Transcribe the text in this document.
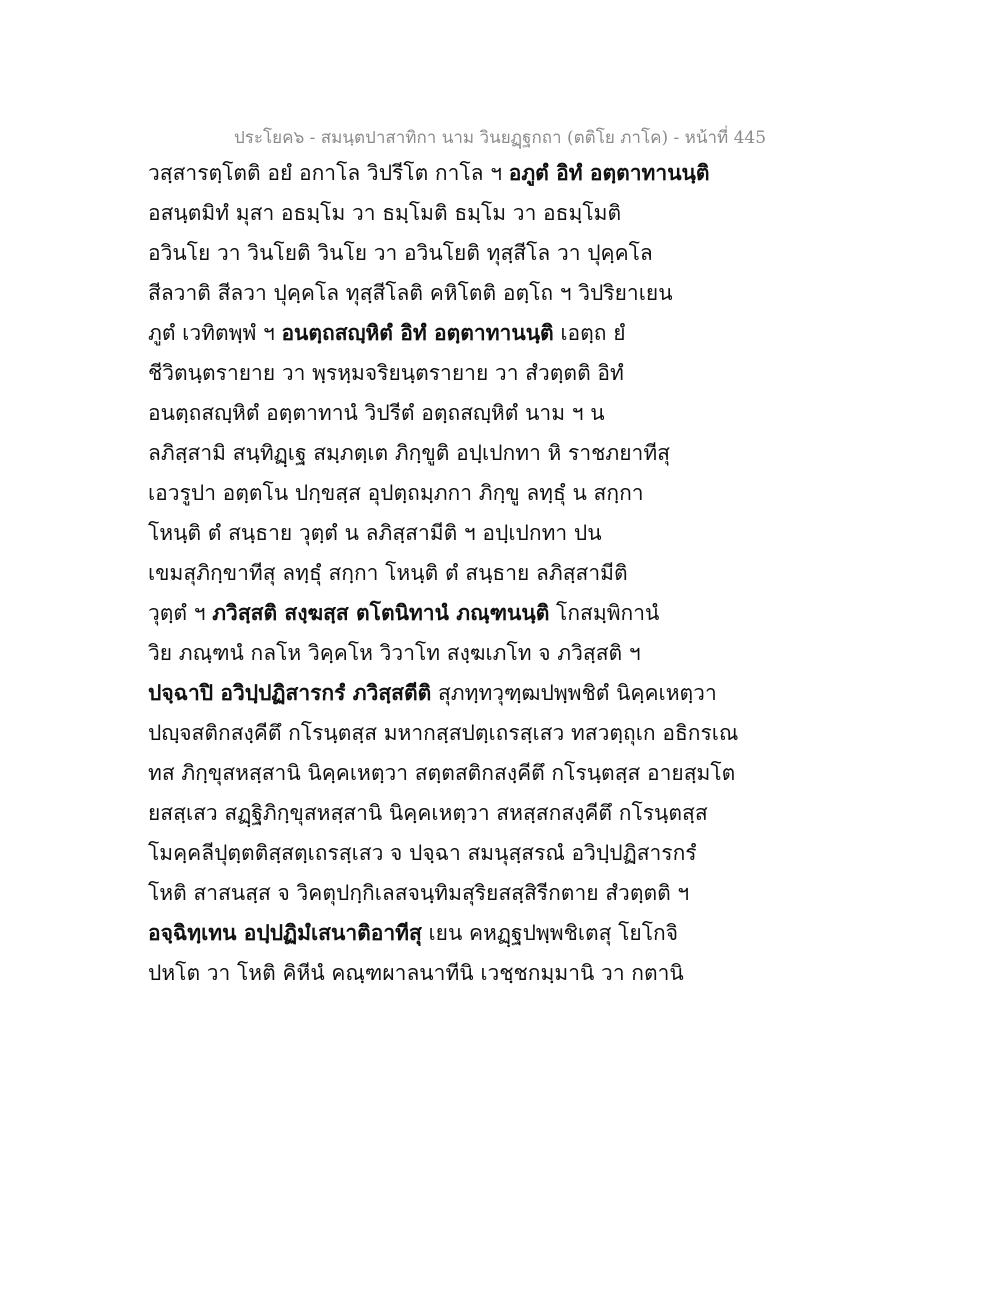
ประโยค๖ - สมนฺตปาสาทิกา นาม วินยฏฺฐกถา (ตติโย ภาโค) - หน้าที่ 445
วสฺสารตฺโตติ อยํ อกาโล วิปรีโต กาโล ฯ อภูตํ อิทํ อตฺตาทานนฺติ
อสนฺตมิทํ มุสา อธมฺโม วา ธมฺโมติ ธมฺโม วา อธมฺโมติ
อวินโย วา วินโยติ วินโย วา อวินโยติ ทุสฺสีโล วา ปุคฺคโล
สีลวาติ สีลวา ปุคฺคโล ทุสฺสีโลติ คหิโตติ อตฺโถ ฯ วิปริยาเยน
ภูตํ เวทิตพฺพํ ฯ อนตฺถสญฺหิตํ อิทํ อตฺตาทานนฺติ เอตฺถ ยํ
ชีวิตนฺตรายาย วา พฺรหฺมจริยนฺตรายาย วา สํวตฺตติ อิทํ
อนตฺถสญฺหิตํ อตฺตาทานํ วิปรีตํ อตฺถสญฺหิตํ นาม ฯ น
ลภิสฺสามิ สนฺทิฏฺเฐ สมฺภตฺเต ภิกฺขูติ อปฺเปกทา หิ ราชภยาทีสุ
เอวรูปา อตฺตโน ปกฺขสฺส อุปตฺถมฺภกา ภิกฺขู ลทฺธุํ น สกฺกา
โหนฺติ ตํ สนฺธาย วุตฺตํ น ลภิสฺสามีติ ฯ อปฺเปกทา ปน
เขมสุภิกฺขาทีสุ ลทฺธุํ สกฺกา โหนฺติ ตํ สนฺธาย ลภิสฺสามีติ
วุตฺตํ ฯ ภวิสฺสติ สงฺฆสฺส ตโตนิทานํ ภณฺฑนนฺติ โกสมฺพิกานํ
วิย ภณฺฑนํ กลโห วิคฺคโห วิวาโท สงฺฆเภโท จ ภวิสฺสติ ฯ
ปจฺฉาปิ อวิปฺปฏิสารกรํ ภวิสฺสตีติ สุภทฺทวุฑฺฒปพฺพชิตํ นิคฺคเหตฺวา
ปญฺจสติกสงฺคีตึ กโรนฺตสฺส มหากสฺสปตฺเถรสฺเสว ทสวตฺถุเก อธิกรเณ
ทส ภิกฺขุสหสฺสานิ นิคฺคเหตฺวา สตฺตสติกสงฺคีตึ กโรนฺตสฺส อายสฺมโต
ยสสฺเสว สฏฺฐิภิกฺขุสหสฺสานิ นิคฺคเหตฺวา สหสฺสกสงฺคีตึ กโรนฺตสฺส
โมคฺคลีปุตฺตติสฺสตฺเถรสฺเสว จ ปจฺฉา สมนุสฺสรณํ อวิปฺปฏิสารกรํ
โหติ สาสนสฺส จ วิคตุปกฺกิเลสจนฺทิมสุริยสสฺสิรีกตาย สํวตฺตติ ฯ
อจฺฉิทฺเทน อปฺปฏิมํเสนาติอาทีสุ เยน คหฏฺฐปพฺพชิเตสุ โยโกจิ
ปหโต วา โหติ คิหีนํ คณฺฑผาลนาทีนิ เวชฺชกมฺมานิ วา กตานิ
